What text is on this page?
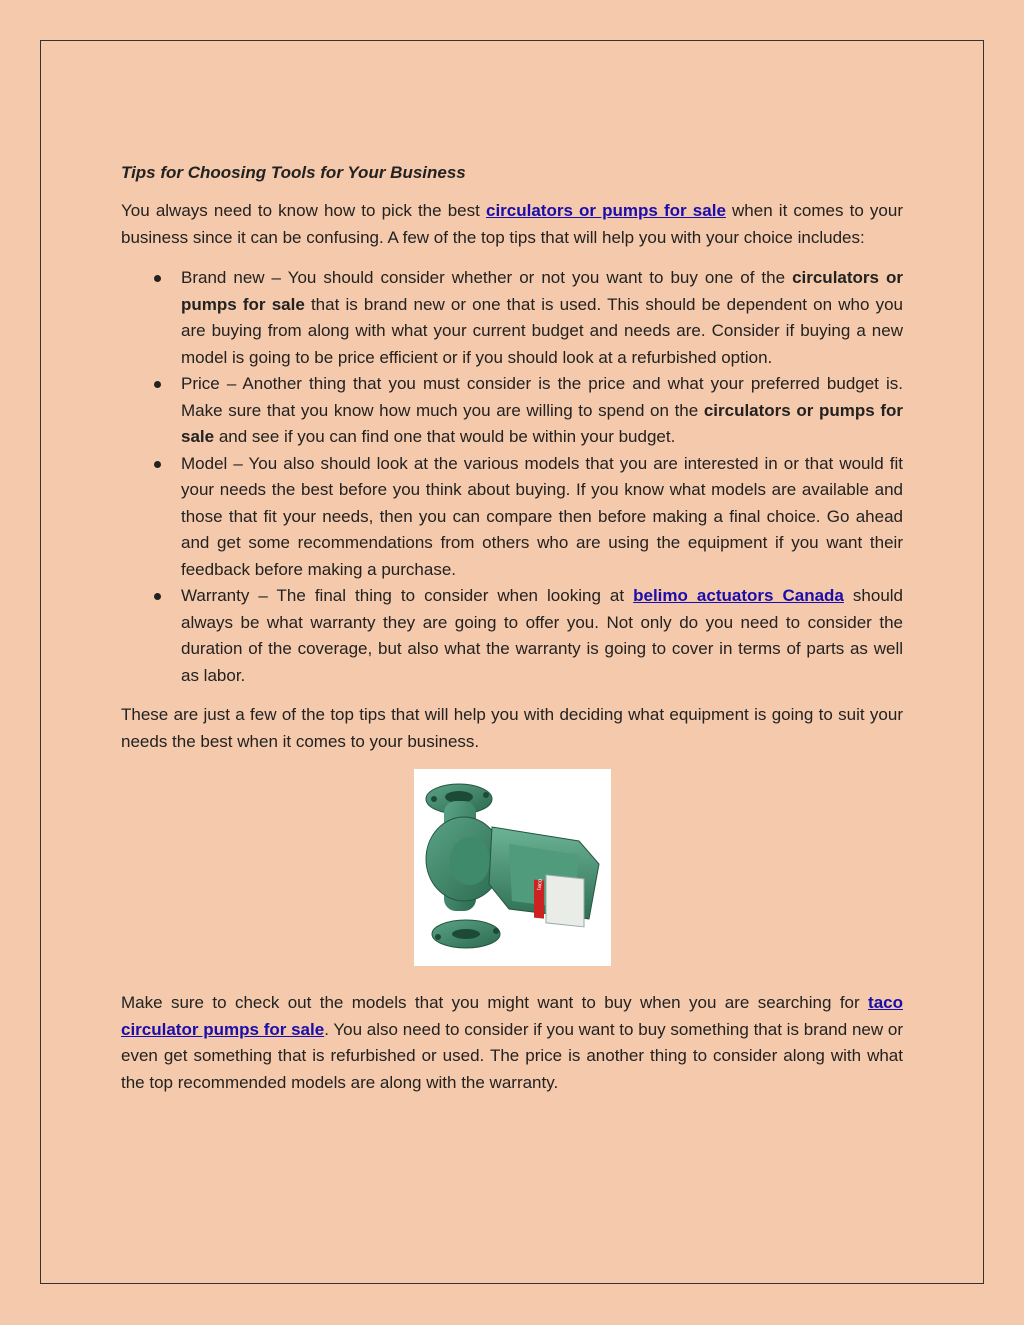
Tips for Choosing Tools for Your Business

You always need to know how to pick the best circulators or pumps for sale when it comes to your business since it can be confusing. A few of the top tips that will help you with your choice includes:

Brand new – You should consider whether or not you want to buy one of the circulators or pumps for sale that is brand new or one that is used. This should be dependent on who you are buying from along with what your current budget and needs are. Consider if buying a new model is going to be price efficient or if you should look at a refurbished option.
Price – Another thing that you must consider is the price and what your preferred budget is. Make sure that you know how much you are willing to spend on the circulators or pumps for sale and see if you can find one that would be within your budget.
Model – You also should look at the various models that you are interested in or that would fit your needs the best before you think about buying. If you know what models are available and those that fit your needs, then you can compare then before making a final choice. Go ahead and get some recommendations from others who are using the equipment if you want their feedback before making a purchase.
Warranty – The final thing to consider when looking at belimo actuators Canada should always be what warranty they are going to offer you. Not only do you need to consider the duration of the coverage, but also what the warranty is going to cover in terms of parts as well as labor.

These are just a few of the top tips that will help you with deciding what equipment is going to suit your needs the best when it comes to your business.

taco

Make sure to check out the models that you might want to buy when you are searching for taco circulator pumps for sale. You also need to consider if you want to buy something that is brand new or even get something that is refurbished or used. The price is another thing to consider along with what the top recommended models are along with the warranty.
